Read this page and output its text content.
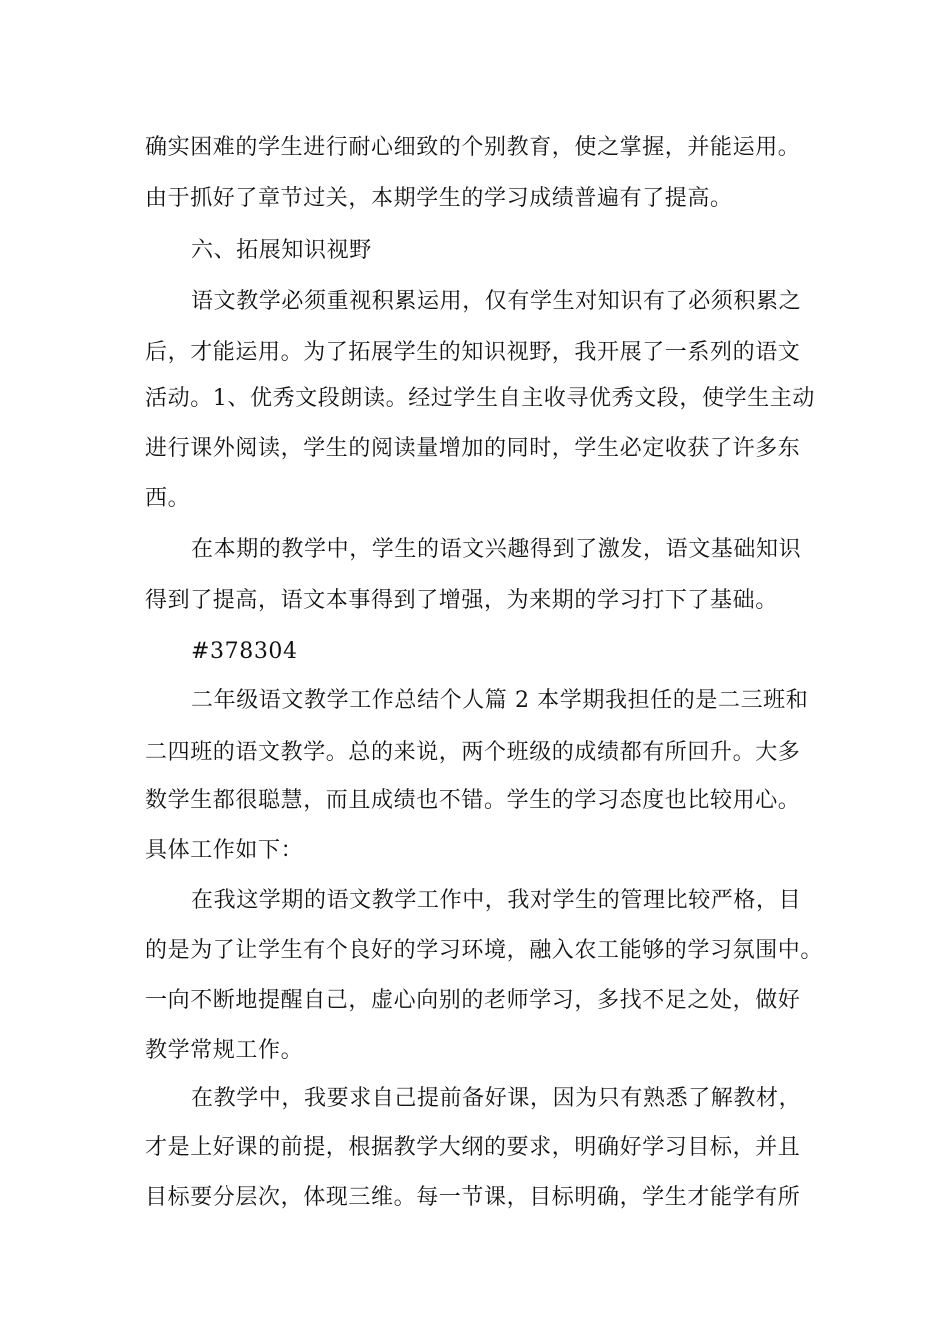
确实困难的学生进行耐心细致的个别教育，使之掌握，并能运用。
由于抓好了章节过关，本期学生的学习成绩普遍有了提高。
六、拓展知识视野
语文教学必须重视积累运用，仅有学生对知识有了必须积累之
后，才能运用。为了拓展学生的知识视野，我开展了一系列的语文
活动。1、优秀文段朗读。经过学生自主收寻优秀文段，使学生主动
进行课外阅读，学生的阅读量增加的同时，学生必定收获了许多东
西。
在本期的教学中，学生的语文兴趣得到了激发，语文基础知识
得到了提高，语文本事得到了增强，为来期的学习打下了基础。
#378304
二年级语文教学工作总结个人篇 2 本学期我担任的是二三班和
二四班的语文教学。总的来说，两个班级的成绩都有所回升。大多
数学生都很聪慧，而且成绩也不错。学生的学习态度也比较用心。
具体工作如下：
在我这学期的语文教学工作中，我对学生的管理比较严格，目
的是为了让学生有个良好的学习环境，融入农工能够的学习氛围中。
一向不断地提醒自己，虚心向别的老师学习，多找不足之处，做好
教学常规工作。
在教学中，我要求自己提前备好课，因为只有熟悉了解教材，
才是上好课的前提，根据教学大纲的要求，明确好学习目标，并且
目标要分层次，体现三维。每一节课，目标明确，学生才能学有所
